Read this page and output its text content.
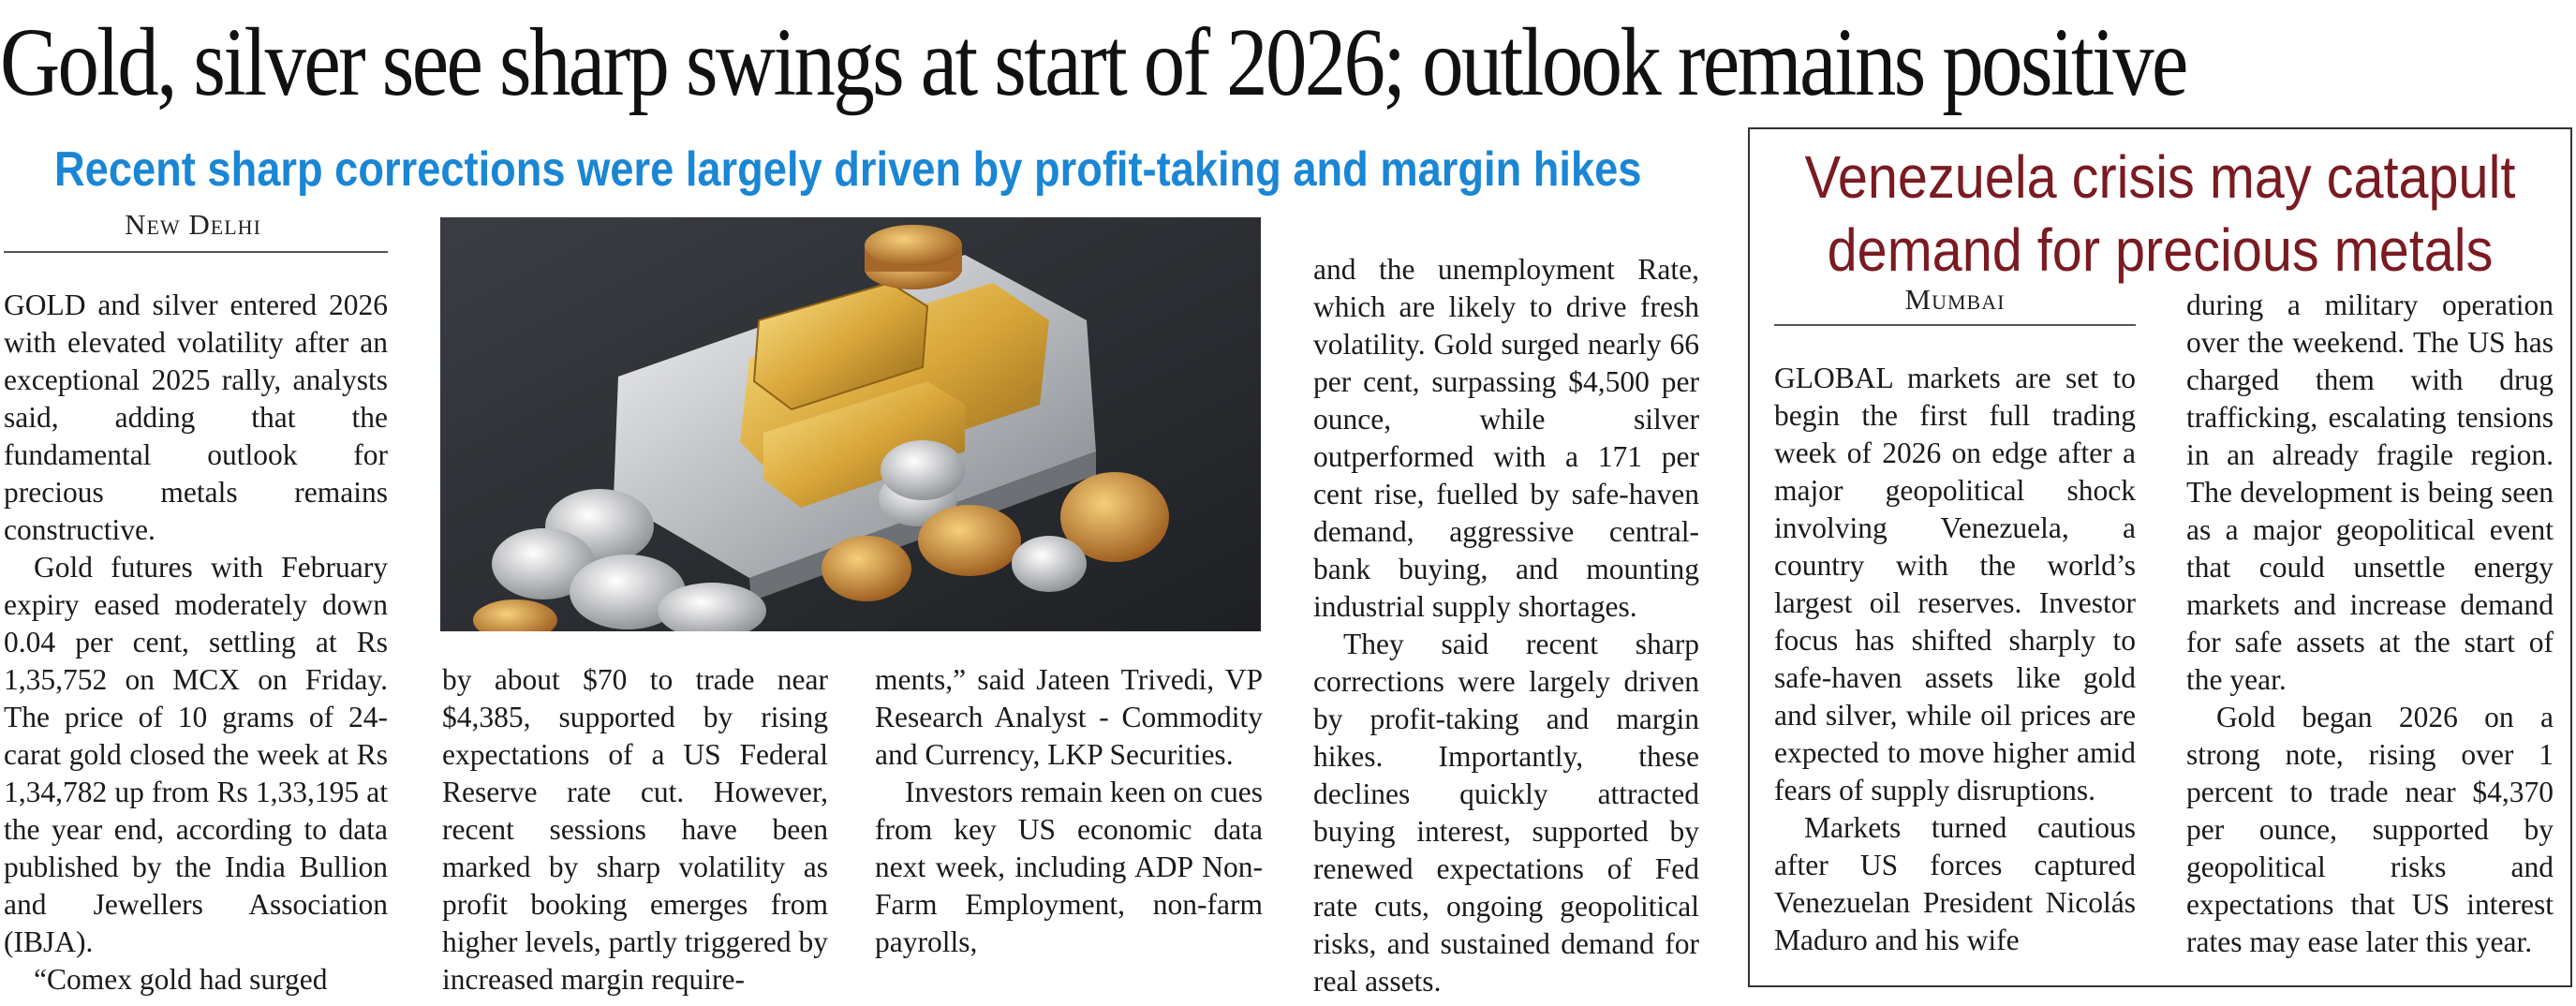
Gold, silver see sharp swings at start of 2026; outlook remains positive
Recent sharp corrections were largely driven by profit-taking and margin hikes
New Delhi

GOLD and silver entered 2026 with elevated volatility after an exceptional 2025 rally, analysts said, adding that the fundamental outlook for precious metals remains constructive.

Gold futures with February expiry eased moderately down 0.04 per cent, settling at Rs 1,35,752 on MCX on Friday. The price of 10 grams of 24-carat gold closed the week at Rs 1,34,782 up from Rs 1,33,195 at the year end, according to data published by the India Bullion and Jewellers Association (IBJA).

“Comex gold had surged

by about $70 to trade near $4,385, supported by rising expectations of a US Federal Reserve rate cut. However, recent sessions have been marked by sharp volatility as profit booking emerges from higher levels, partly triggered by increased margin require-

ments,” said Jateen Trivedi, VP Research Analyst - Commodity and Currency, LKP Securities.

Investors remain keen on cues from key US economic data next week, including ADP Non-Farm Employment, non-farm payrolls,

and the unemployment Rate, which are likely to drive fresh volatility. Gold surged nearly 66 per cent, surpassing $4,500 per ounce, while silver outperformed with a 171 per cent rise, fuelled by safe-haven demand, aggressive central-bank buying, and mounting industrial supply shortages.

They said recent sharp corrections were largely driven by profit-taking and margin hikes. Importantly, these declines quickly attracted buying interest, supported by renewed expectations of Fed rate cuts, ongoing geopolitical risks, and sustained demand for real assets.

Venezuela crisis may catapult
demand for precious metals
Mumbai

GLOBAL markets are set to begin the first full trading week of 2026 on edge after a major geopolitical shock involving Venezuela, a country with the world’s largest oil reserves. Investor focus has shifted sharply to safe-haven assets like gold and silver, while oil prices are expected to move higher amid fears of supply disruptions.

Markets turned cautious after US forces captured Venezuelan President Nicolás Maduro and his wife

during a military operation over the weekend. The US has charged them with drug trafficking, escalating tensions in an already fragile region. The development is being seen as a major geopolitical event that could unsettle energy markets and increase demand for safe assets at the start of the year.

Gold began 2026 on a strong note, rising over 1 percent to trade near $4,370 per ounce, supported by geopolitical risks and expectations that US interest rates may ease later this year.
